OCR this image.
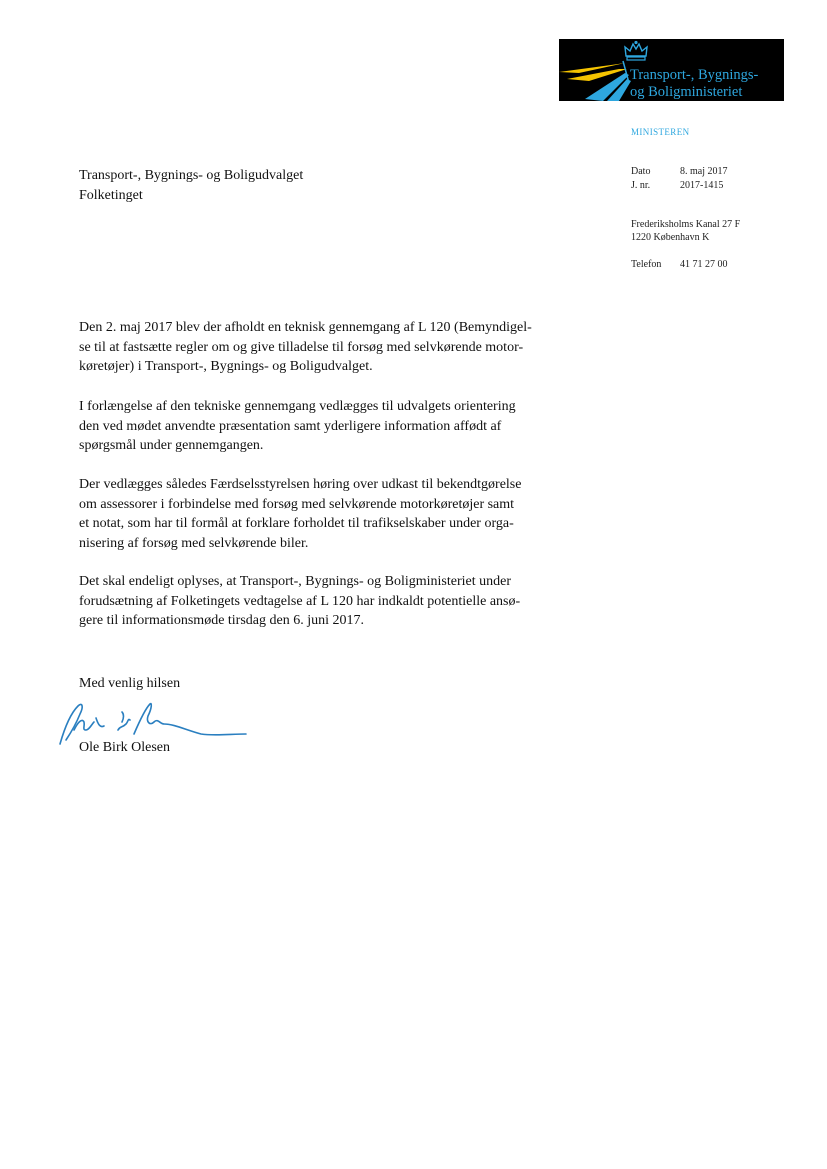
Transport-, Bygnings-
og Boligministeriet
MINISTEREN
Dato	8. maj 2017
J. nr.	2017-1415
Frederiksholms Kanal 27 F
1220 København K
Telefon 41 71 27 00
Transport-, Bygnings- og Boligudvalget
Folketinget

Den 2. maj 2017 blev der afholdt en teknisk gennemgang af L 120 (Bemyndigel-

se til at fastsætte regler om og give tilladelse til forsøg med selvkørende motor-

køretøjer) i Transport-, Bygnings- og Boligudvalget.

I forlængelse af den tekniske gennemgang vedlægges til udvalgets orientering

den ved mødet anvendte præsentation samt yderligere information affødt af

spørgsmål under gennemgangen.

Der vedlægges således Færdselsstyrelsen høring over udkast til bekendtgørelse

om assessorer i forbindelse med forsøg med selvkørende motorkøretøjer samt

et notat, som har til formål at forklare forholdet til trafikselskaber under orga-

nisering af forsøg med selvkørende biler.

Det skal endeligt oplyses, at Transport-, Bygnings- og Boligministeriet under

forudsætning af Folketingets vedtagelse af L 120 har indkaldt potentielle ansø-

gere til informationsmøde tirsdag den 6. juni 2017.

Med venlig hilsen
Ole Birk Olesen
